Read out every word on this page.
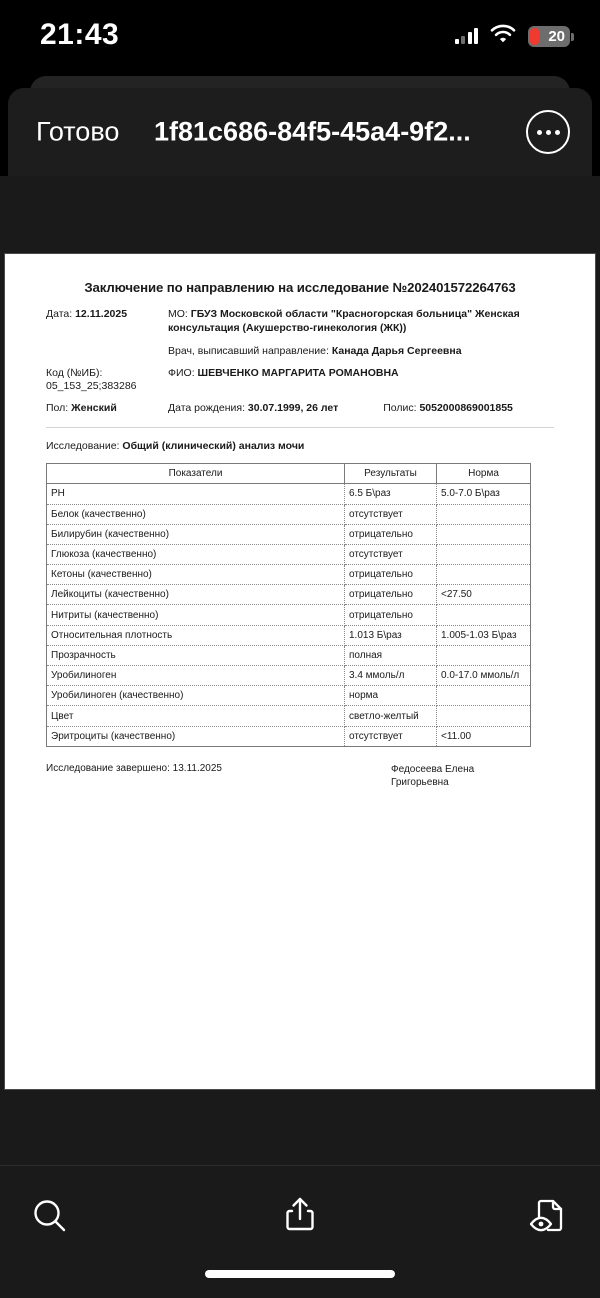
21:43	20
Готово 1f81c686-84f5-45a4-9f2...
Заключение по направлению на исследование №202401572264763
Дата: 12.11.2025	МО: ГБУЗ Московской области "Красногорская больница" Женская консультация (Акушерство-гинекология (ЖК))
Врач, выписавший направление: Канада Дарья Сергеевна
Код (№ИБ):
05_153_25;383286
ФИО: ШЕВЧЕНКО МАРГАРИТА РОМАНОВНА
Пол: Женский	Дата рождения: 30.07.1999, 26 лет	Полис: 5052000869001855
Исследование: Общий (клинический) анализ мочи
Показатели	Результаты	Норма
PH	6.5 Б\раз	5.0-7.0 Б\раз
Белок (качественно)	отсутствует	
Билирубин (качественно)	отрицательно	
Глюкоза (качественно)	отсутствует	
Кетоны (качественно)	отрицательно	
Лейкоциты (качественно)	отрицательно	<27.50
Нитриты (качественно)	отрицательно	
Относительная плотность	1.013 Б\раз	1.005-1.03 Б\раз
Прозрачность	полная	
Уробилиноген	3.4 ммоль/л	0.0-17.0 ммоль/л
Уробилиноген (качественно)	норма	
Цвет	светло-желтый	
Эритроциты (качественно)	отсутствует	<11.00
Исследование завершено: 13.11.2025	Федосеева Елена
Григорьевна
